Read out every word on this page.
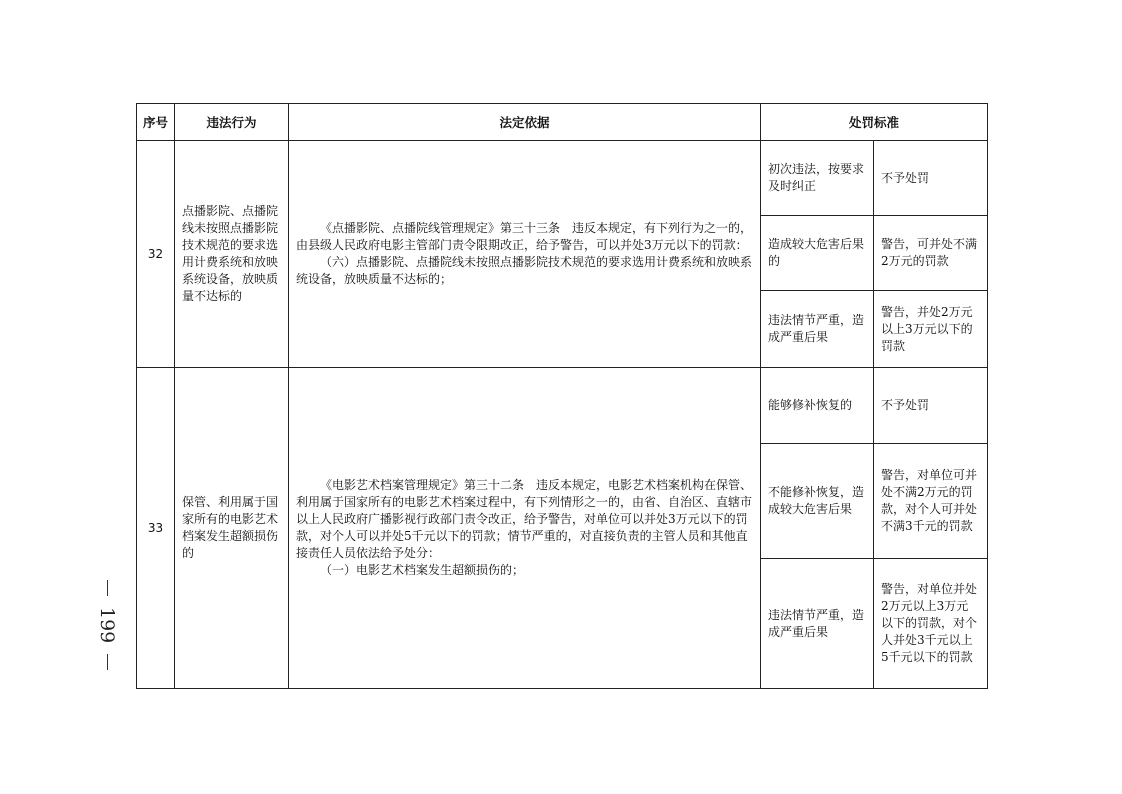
序号	违法行为	法定依据	处罚标准	
32	点播影院、点播院线未按照点播影院技术规范的要求选用计费系统和放映系统设备，放映质量不达标的	《点播影院、点播院线管理规定》第三十三条　违反本规定，有下列行为之一的，由县级人民政府电影主管部门责令限期改正，给予警告，可以并处3万元以下的罚款：

（六）点播影院、点播院线未按照点播影院技术规范的要求选用计费系统和放映系统设备，放映质量不达标的；	初次违法，按要求及时纠正	不予处罚
			造成较大危害后果的	警告，可并处不满2万元的罚款
			违法情节严重，造成严重后果	警告，并处2万元以上3万元以下的罚款
33	保管、利用属于国家所有的电影艺术档案发生超额损伤的	《电影艺术档案管理规定》第三十二条　违反本规定，电影艺术档案机构在保管、利用属于国家所有的电影艺术档案过程中，有下列情形之一的，由省、自治区、直辖市以上人民政府广播影视行政部门责令改正，给予警告，对单位可以并处3万元以下的罚款，对个人可以并处5千元以下的罚款；情节严重的，对直接负责的主管人员和其他直接责任人员依法给予处分：

（一）电影艺术档案发生超额损伤的；	能够修补恢复的	不予处罚
			不能修补恢复，造成较大危害后果	警告，对单位可并处不满2万元的罚款，对个人可并处不满3千元的罚款
			违法情节严重，造成严重后果	警告，对单位并处2万元以上3万元以下的罚款，对个人并处3千元以上5千元以下的罚款
199
